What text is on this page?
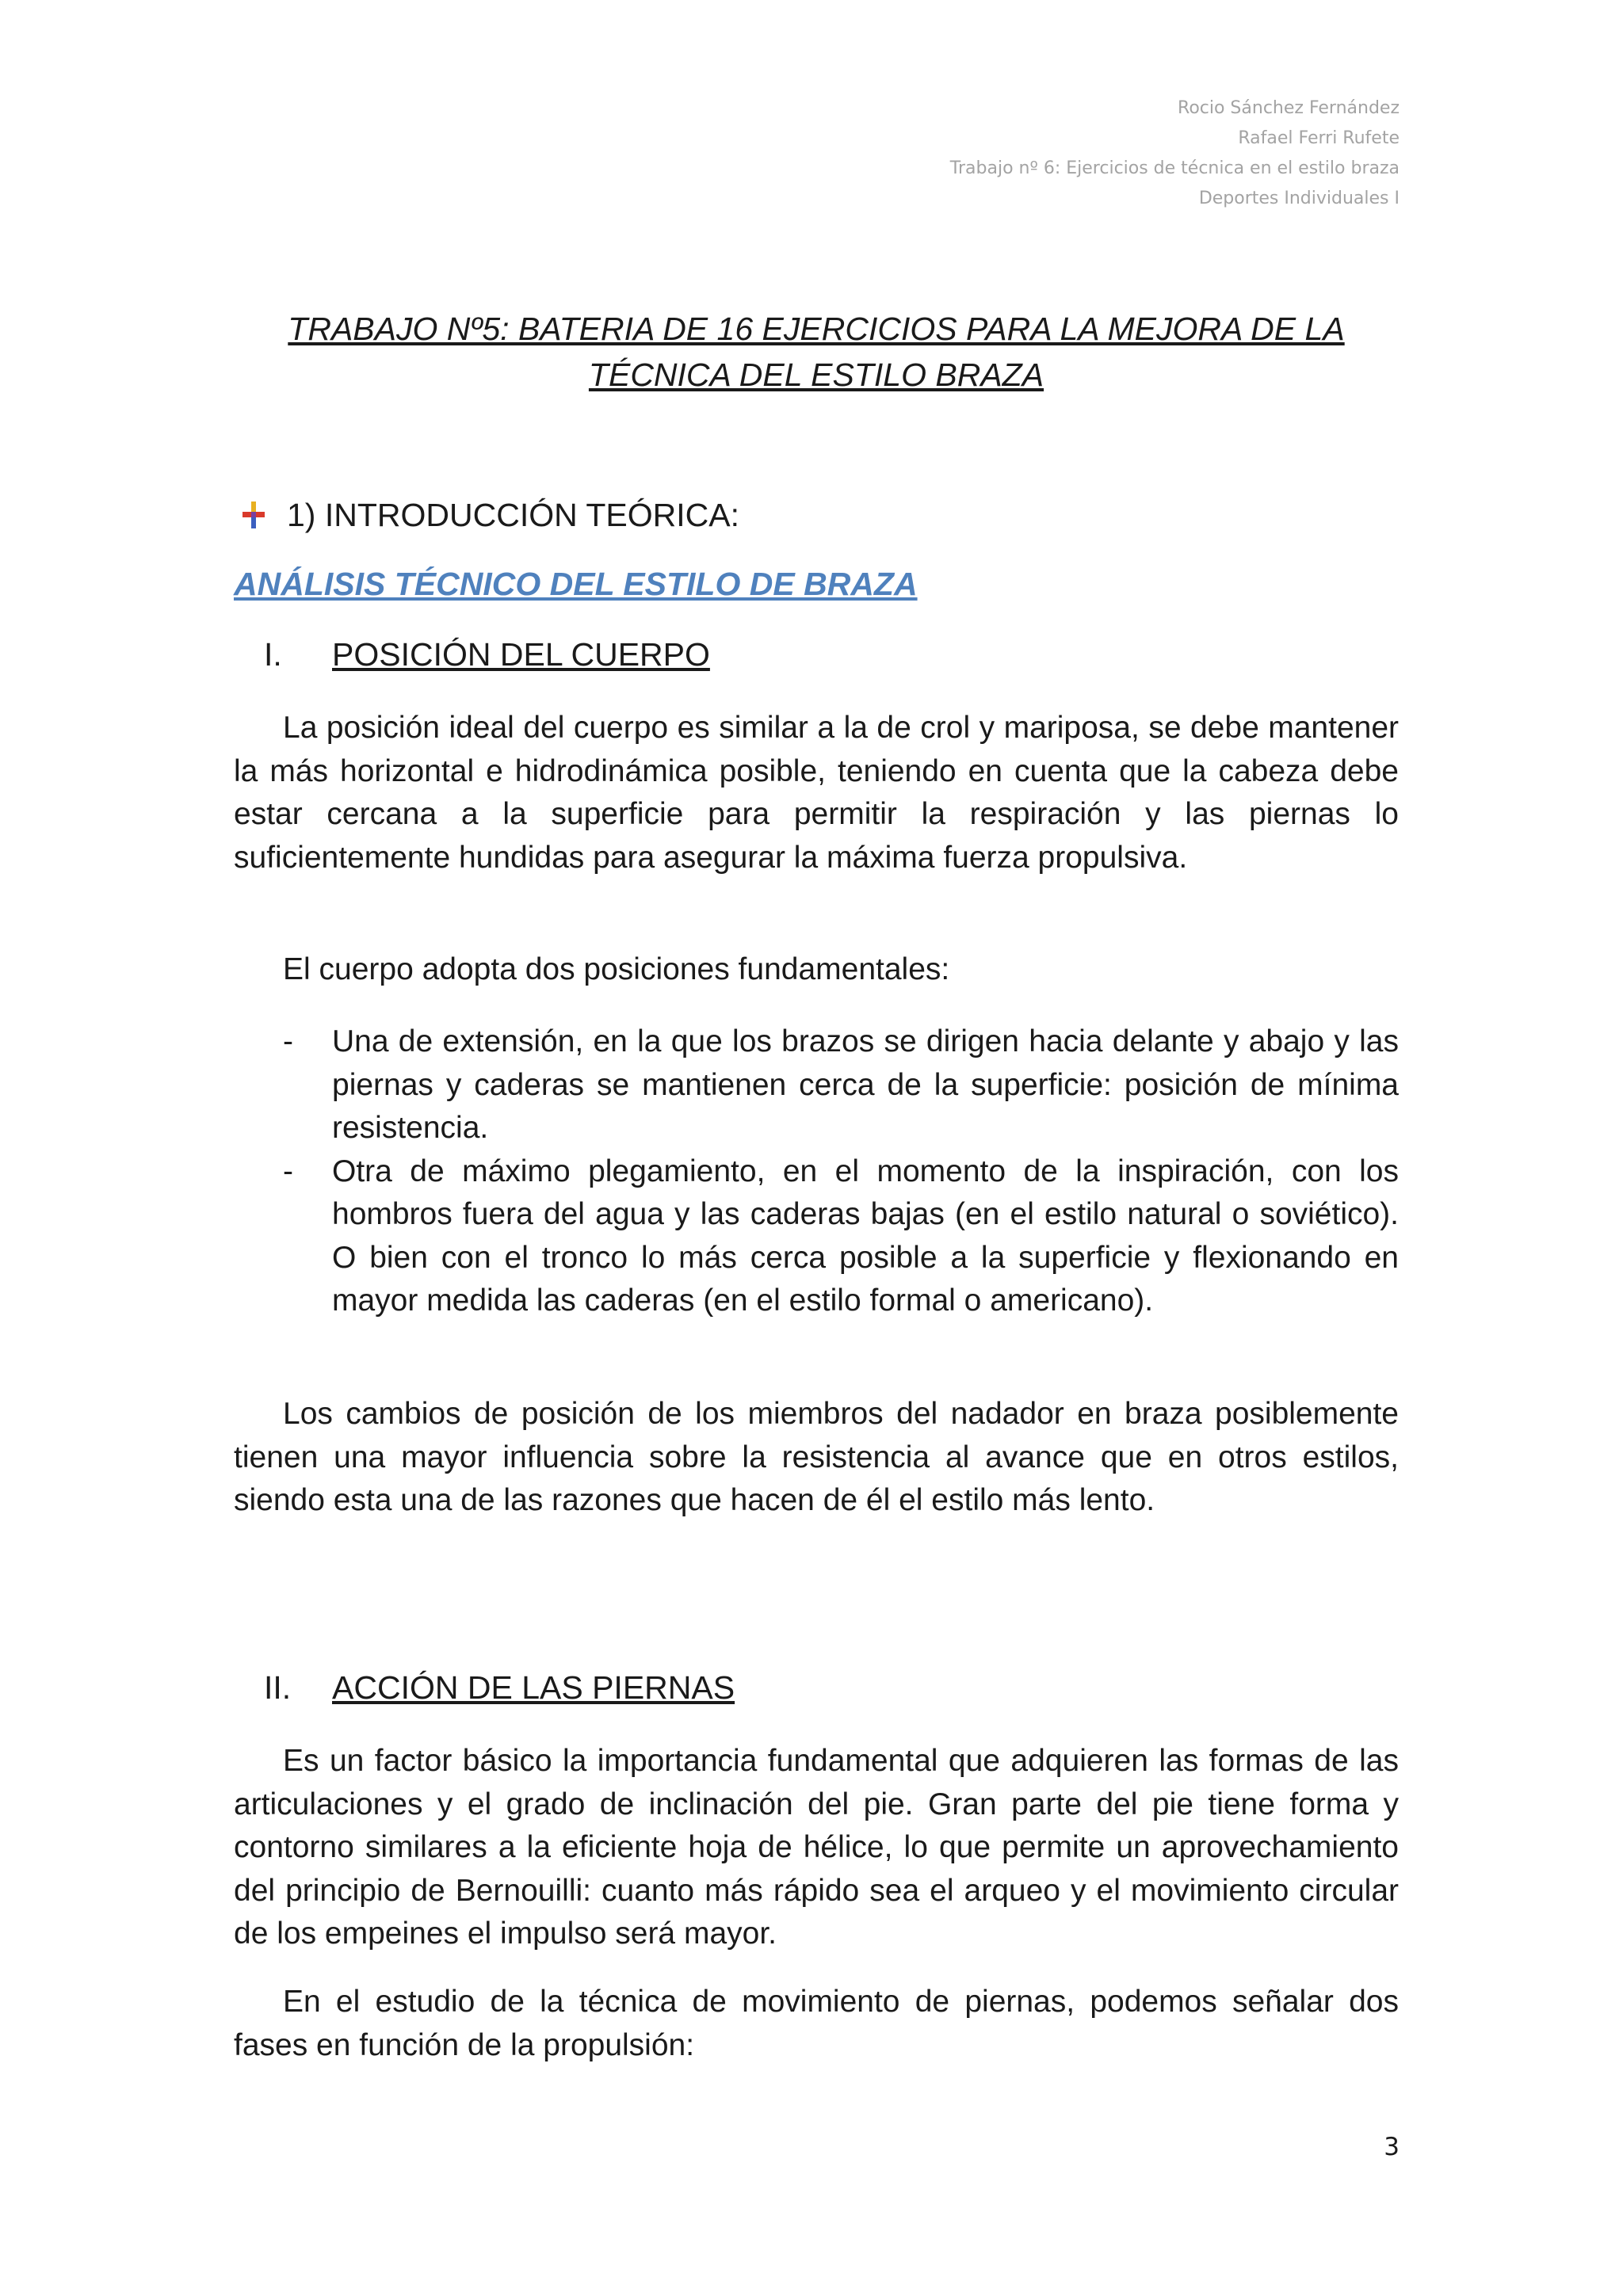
Rocio Sánchez Fernández
Rafael Ferri Rufete
Trabajo nº 6: Ejercicios de técnica en el estilo braza
Deportes Individuales I
TRABAJO Nº5: BATERIA DE 16 EJERCICIOS PARA LA MEJORA DE LA
TÉCNICA DEL ESTILO BRAZA
1) INTRODUCCIÓN TEÓRICA:
ANÁLISIS TÉCNICO DEL ESTILO DE BRAZA
I. POSICIÓN DEL CUERPO

La posición ideal del cuerpo es similar a la de crol y mariposa, se debe mantener la más horizontal e hidrodinámica posible, teniendo en cuenta que la cabeza debe estar cercana a la superficie para permitir la respiración y las piernas lo suficientemente hundidas para asegurar la máxima fuerza propulsiva.

El cuerpo adopta dos posiciones fundamentales:

- Una de extensión, en la que los brazos se dirigen hacia delante y abajo y las piernas y caderas se mantienen cerca de la superficie: posición de mínima resistencia.
- Otra de máximo plegamiento, en el momento de la inspiración, con los hombros fuera del agua y las caderas bajas (en el estilo natural o soviético). O bien con el tronco lo más cerca posible a la superficie y flexionando en mayor medida las caderas (en el estilo formal o americano).

Los cambios de posición de los miembros del nadador en braza posiblemente tienen una mayor influencia sobre la resistencia al avance que en otros estilos, siendo esta una de las razones que hacen de él el estilo más lento.

II. ACCIÓN DE LAS PIERNAS

Es un factor básico la importancia fundamental que adquieren las formas de las articulaciones y el grado de inclinación del pie. Gran parte del pie tiene forma y contorno similares a la eficiente hoja de hélice, lo que permite un aprovechamiento del principio de Bernouilli: cuanto más rápido sea el arqueo y el movimiento circular de los empeines el impulso será mayor.

En el estudio de la técnica de movimiento de piernas, podemos señalar dos fases en función de la propulsión:

3
